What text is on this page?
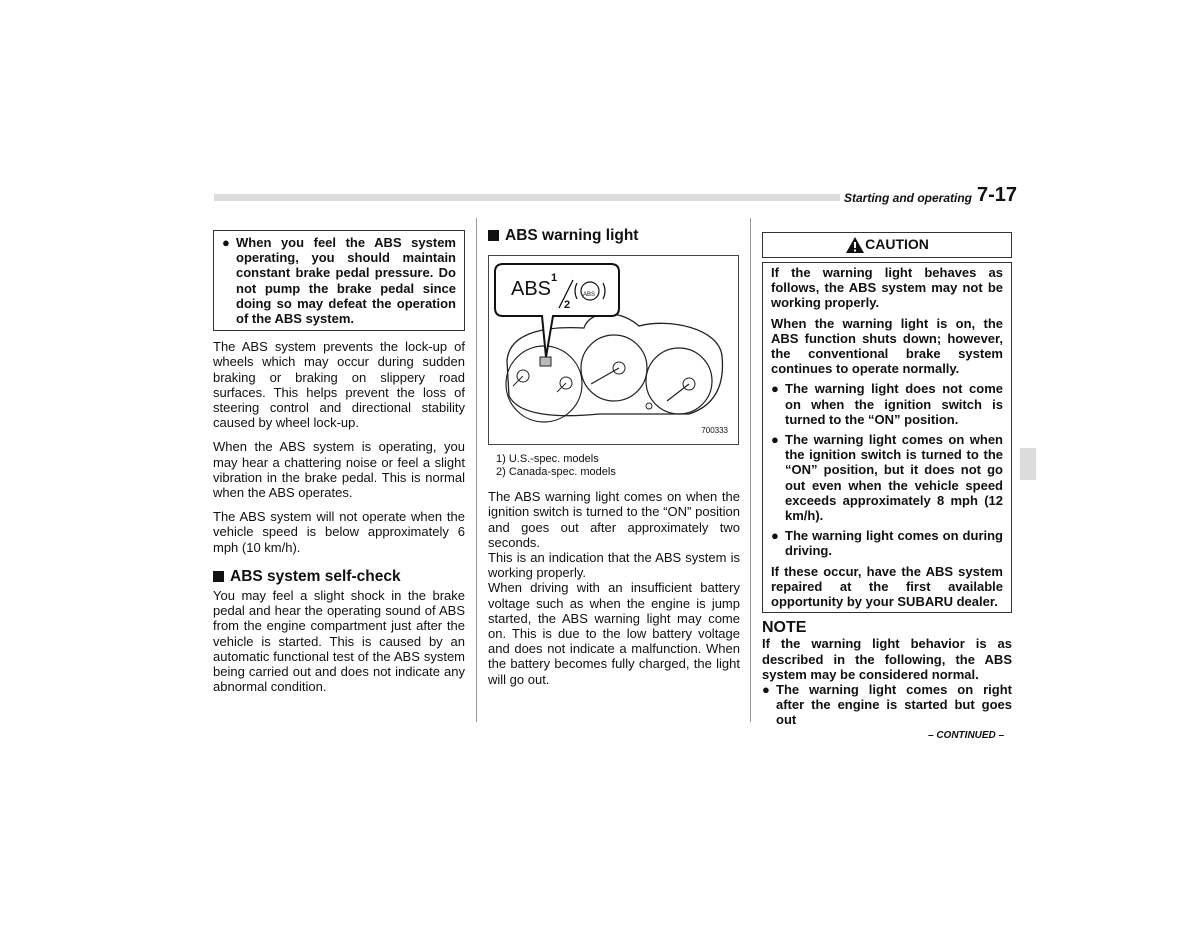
Starting and operating 7-17
● When you feel the ABS system operating, you should maintain constant brake pedal pressure. Do not pump the brake pedal since doing so may defeat the operation of the ABS system.

The ABS system prevents the lock-up of wheels which may occur during sudden braking or braking on slippery road surfaces. This helps prevent the loss of steering control and directional stability caused by wheel lock-up.

When the ABS system is operating, you may hear a chattering noise or feel a slight vibration in the brake pedal. This is normal when the ABS operates.

The ABS system will not operate when the vehicle speed is below approximately 6 mph (10 km/h).

ABS system self-check

You may feel a slight shock in the brake pedal and hear the operating sound of ABS from the engine compartment just after the vehicle is started. This is caused by an automatic functional test of the ABS system being carried out and does not indicate any abnormal condition.

ABS warning light
ABS 1
2
ABS
700333
1) U.S.-spec. models
2) Canada-spec. models

The ABS warning light comes on when the ignition switch is turned to the “ON” position and goes out after approximately two seconds.

This is an indication that the ABS system is working properly.

When driving with an insufficient battery voltage such as when the engine is jump started, the ABS warning light may come on. This is due to the low battery voltage and does not indicate a malfunction. When the battery becomes fully charged, the light will go out.

CAUTION

If the warning light behaves as follows, the ABS system may not be working properly.

When the warning light is on, the ABS function shuts down; however, the conventional brake system continues to operate normally.

● The warning light does not come on when the ignition switch is turned to the “ON” position.
● The warning light comes on when the ignition switch is turned to the “ON” position, but it does not go out even when the vehicle speed exceeds approximately 8 mph (12 km/h).
● The warning light comes on during driving.

If these occur, have the ABS system repaired at the first available opportunity by your SUBARU dealer.

NOTE

If the warning light behavior is as described in the following, the ABS system may be considered normal.

● The warning light comes on right after the engine is started but goes out
– CONTINUED –
